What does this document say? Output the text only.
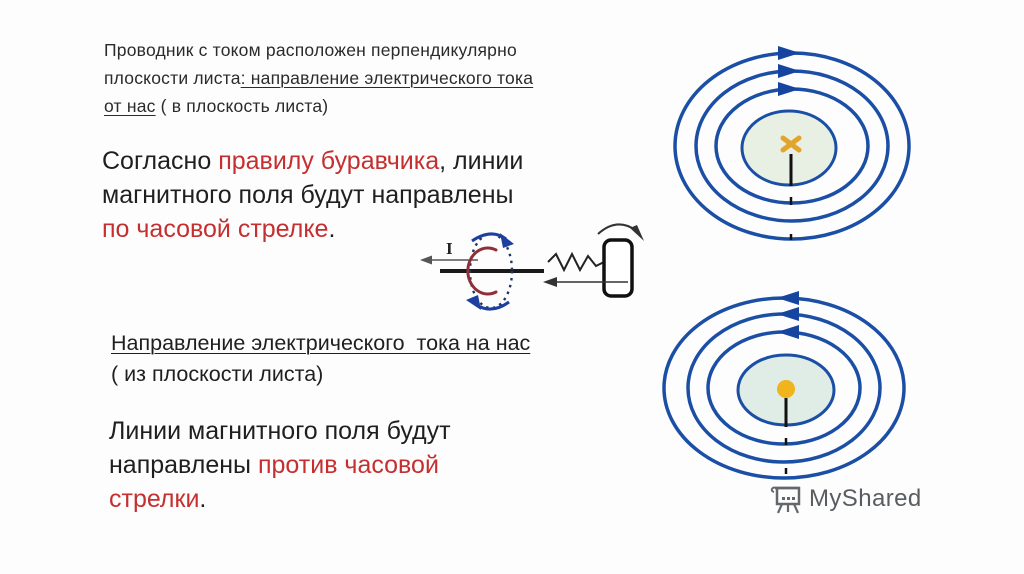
Проводник с током расположен перпендикулярно
плоскости листа: направление электрического тока
от нас ( в плоскость листа)

Согласно правилу буравчика, линии
магнитного поля будут направлены
по часовой стрелке.

I

Направление электрического  тока на нас
( из плоскости листа)

Линии магнитного поля будут
направлены против часовой
стрелки.	MyShared
